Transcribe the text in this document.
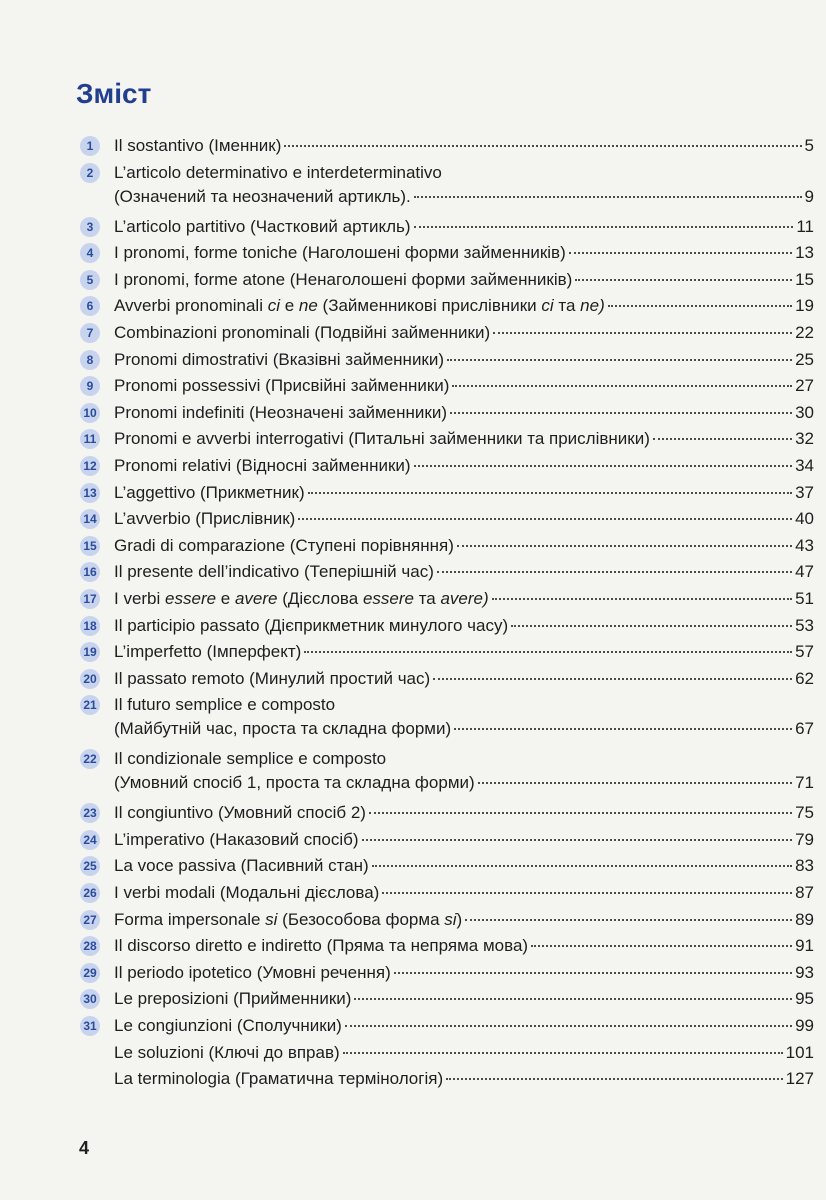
Зміст
1	Il sostantivo (Іменник)	5
2	L’articolo determinativo e interdeterminativo
(Означений та неозначений артикль).	9
3	L’articolo partitivo (Частковий артикль)	11
4	I pronomi, forme toniche (Наголошені форми займенників)	13
5	I pronomi, forme atone (Ненаголошені форми займенників)	15
6	Avverbi pronominali ci e ne (Займенникові прислівники ci та ne)	19
7	Combinazioni pronominali (Подвійні займенники)	22
8	Pronomi dimostrativi (Вказівні займенники)	25
9	Pronomi possessivi (Присвійні займенники)	27
10 Pronomi indefiniti (Неозначені займенники)	30
11 Pronomi e avverbi interrogativi (Питальні займенники та прислівники)	32
12 Pronomi relativi (Відносні займенники)	34
13 L’aggettivo (Прикметник)	37
14 L’avverbio (Прислівник)	40
15 Gradi di comparazione (Ступені порівняння)	43
16 Il presente dell’indicativo (Теперішній час)	47
17 I verbi essere e avere (Дієслова essere та avere)	51
18 Il participio passato (Дієприкметник минулого часу)	53
19 L’imperfetto (Імперфект)	57
20 Il passato remoto (Минулий простий час)	62
21 Il futuro semplice e composto
(Майбутній час, проста та складна форми)	67
22 Il condizionale semplice e composto
(Умовний спосіб 1, проста та складна форми)	71
23 Il congiuntivo (Умовний спосіб 2)	75
24 L’imperativo (Наказовий спосіб)	79
25 La voce passiva (Пасивний стан)	83
26 I verbi modali (Модальні дієслова)	87
27 Forma impersonale si (Безособова форма si)	89
28 Il discorso diretto e indiretto (Пряма та непряма мова)	91
29 Il periodo ipotetico (Умовні речення)	93
30 Le preposizioni (Прийменники)	95
31 Le congiunzioni (Сполучники)	99
Le soluzioni (Ключі до вправ)	101
La terminologia (Граматична термінологія)	127
4
